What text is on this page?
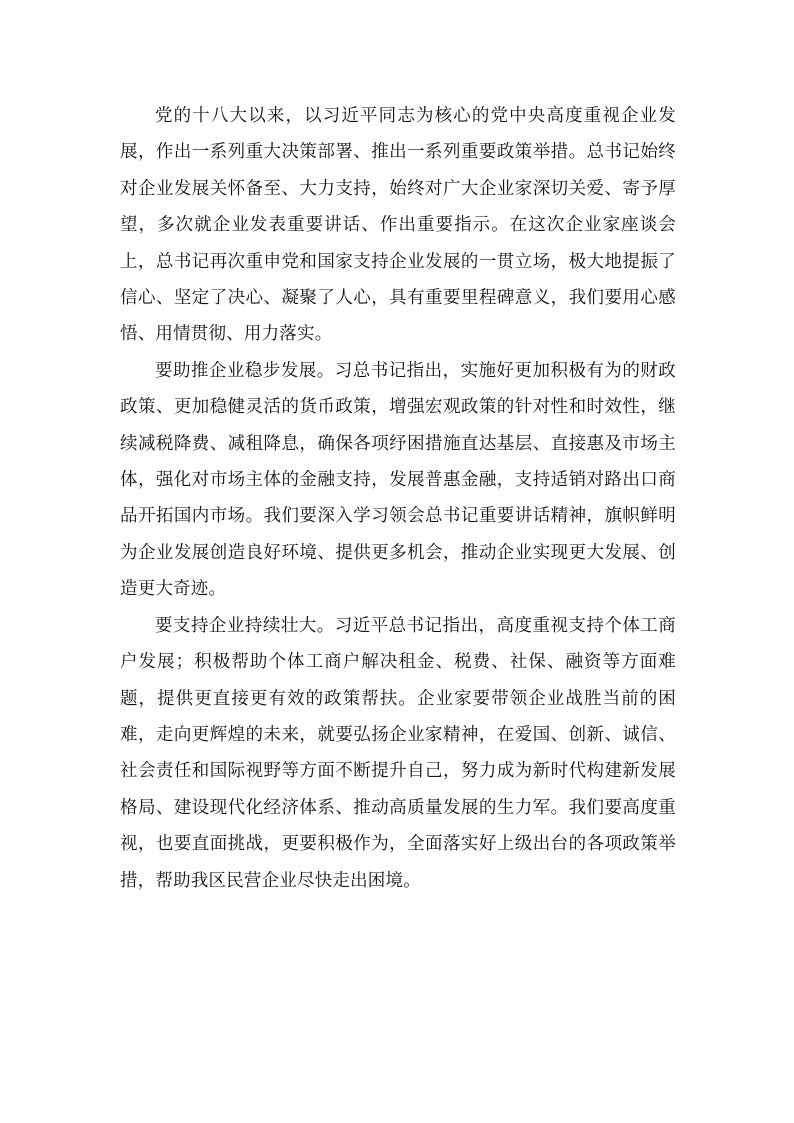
党的十八大以来，以习近平同志为核心的党中央高度重视企业发展，作出一系列重大决策部署、推出一系列重要政策举措。总书记始终对企业发展关怀备至、大力支持，始终对广大企业家深切关爱、寄予厚望，多次就企业发表重要讲话、作出重要指示。在这次企业家座谈会上，总书记再次重申党和国家支持企业发展的一贯立场，极大地提振了信心、坚定了决心、凝聚了人心，具有重要里程碑意义，我们要用心感悟、用情贯彻、用力落实。

要助推企业稳步发展。习总书记指出，实施好更加积极有为的财政政策、更加稳健灵活的货币政策，增强宏观政策的针对性和时效性，继续减税降费、减租降息，确保各项纾困措施直达基层、直接惠及市场主体，强化对市场主体的金融支持，发展普惠金融，支持适销对路出口商品开拓国内市场。我们要深入学习领会总书记重要讲话精神，旗帜鲜明为企业发展创造良好环境、提供更多机会，推动企业实现更大发展、创造更大奇迹。

要支持企业持续壮大。习近平总书记指出，高度重视支持个体工商户发展；积极帮助个体工商户解决租金、税费、社保、融资等方面难题，提供更直接更有效的政策帮扶。企业家要带领企业战胜当前的困难，走向更辉煌的未来，就要弘扬企业家精神，在爱国、创新、诚信、社会责任和国际视野等方面不断提升自己，努力成为新时代构建新发展格局、建设现代化经济体系、推动高质量发展的生力军。我们要高度重视，也要直面挑战，更要积极作为，全面落实好上级出台的各项政策举措，帮助我区民营企业尽快走出困境。
